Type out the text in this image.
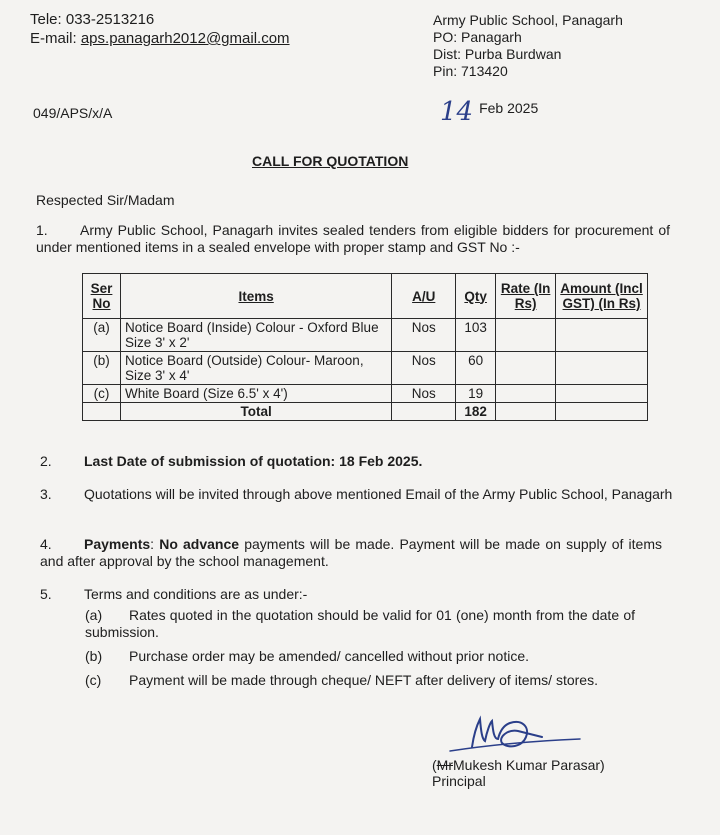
Tele: 033-2513216
E-mail: aps.panagarh2012@gmail.com
Army Public School, Panagarh
PO: Panagarh
Dist: Purba Burdwan
Pin: 713420
049/APS/x/A	14 Feb 2025
CALL FOR QUOTATION
Respected Sir/Madam
1. Army Public School, Panagarh invites sealed tenders from eligible bidders for procurement of under mentioned items in a sealed envelope with proper stamp and GST No :-
Ser No	Items	A/U	Qty	Rate (In Rs)	Amount (Incl GST) (In Rs)
(a)	Notice Board (Inside) Colour - Oxford Blue Size 3' x 2'	Nos	103		
(b)	Notice Board (Outside) Colour- Maroon, Size 3' x 4'	Nos	60		
(c)	White Board (Size 6.5' x 4')	Nos	19		
	Total		182		
2. Last Date of submission of quotation: 18 Feb 2025.
3. Quotations will be invited through above mentioned Email of the Army Public School, Panagarh
4. Payments: No advance payments will be made. Payment will be made on supply of items and after approval by the school management.
5. Terms and conditions are as under:-
(a) Rates quoted in the quotation should be valid for 01 (one) month from the date of submission.
(b) Purchase order may be amended/ cancelled without prior notice.
(c) Payment will be made through cheque/ NEFT after delivery of items/ stores.
(MrMukesh Kumar Parasar)
Principal
